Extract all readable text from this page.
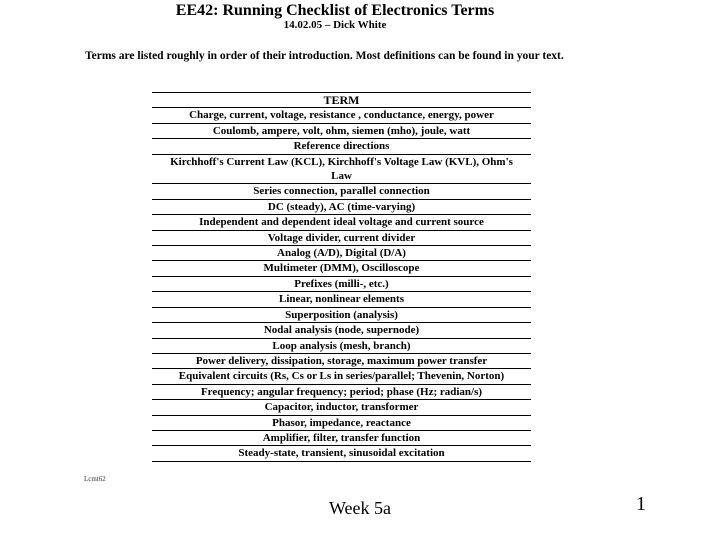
EE42: Running Checklist of Electronics Terms
14.02.05 – Dick White
Terms are listed roughly in order of their introduction. Most definitions can be found in your text.
TERM
Charge, current, voltage, resistance , conductance, energy, power
Coulomb, ampere, volt, ohm, siemen (mho), joule, watt
Reference directions
Kirchhoff's Current Law (KCL), Kirchhoff's Voltage Law (KVL), Ohm's Law
Series connection, parallel connection
DC (steady), AC (time-varying)
Independent and dependent ideal voltage and current source
Voltage divider, current divider
Analog (A/D), Digital (D/A)
Multimeter (DMM), Oscilloscope
Prefixes (milli-, etc.)
Linear, nonlinear elements
Superposition (analysis)
Nodal analysis (node, supernode)
Loop analysis (mesh, branch)
Power delivery, dissipation, storage, maximum power transfer
Equivalent circuits (Rs, Cs or Ls in series/parallel; Thevenin, Norton)
Frequency; angular frequency; period; phase (Hz; radian/s)
Capacitor, inductor, transformer
Phasor, impedance, reactance
Amplifier, filter, transfer function
Steady-state, transient, sinusoidal excitation
Lcmt62
Week 5a	1
